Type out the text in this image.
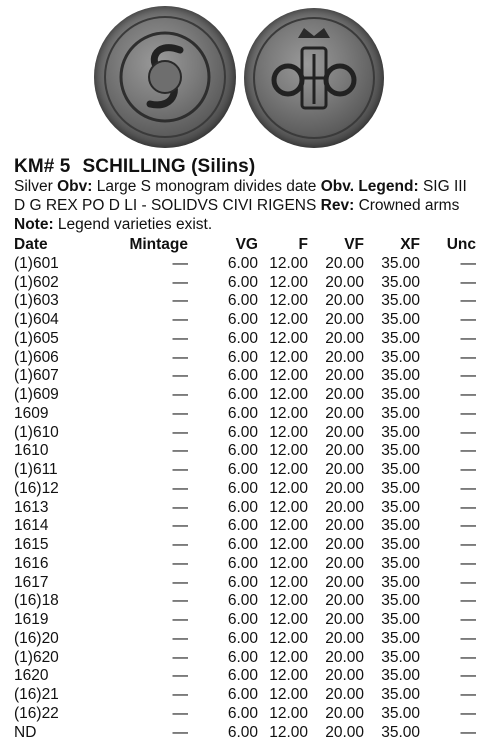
KM# 5 SCHILLING (Silins)
Silver Obv: Large S monogram divides date Obv. Legend: SIG III D G REX PO D LI - SOLIDVS CIVI RIGENS Rev: Crowned arms Note: Legend varieties exist.
Date	Mintage	VG	F	VF	XF	Unc
(1)601	—	6.00 12.00	20.00	35.00	—
(1)602	—	6.00 12.00	20.00	35.00	—
(1)603	—	6.00 12.00	20.00	35.00	—
(1)604	—	6.00 12.00	20.00	35.00	—
(1)605	—	6.00 12.00	20.00	35.00	—
(1)606	—	6.00 12.00	20.00	35.00	—
(1)607	—	6.00 12.00	20.00	35.00	—
(1)609	—	6.00 12.00	20.00	35.00	—
1609	—	6.00 12.00	20.00	35.00	—
(1)610	—	6.00 12.00	20.00	35.00	—
1610	—	6.00 12.00	20.00	35.00	—
(1)611	—	6.00 12.00	20.00	35.00	—
(16)12	—	6.00 12.00	20.00	35.00	—
1613	—	6.00 12.00	20.00	35.00	—
1614	—	6.00 12.00	20.00	35.00	—
1615	—	6.00 12.00	20.00	35.00	—
1616	—	6.00 12.00	20.00	35.00	—
1617	—	6.00 12.00	20.00	35.00	—
(16)18	—	6.00 12.00	20.00	35.00	—
1619	—	6.00 12.00	20.00	35.00	—
(16)20	—	6.00 12.00	20.00	35.00	—
(1)620	—	6.00 12.00	20.00	35.00	—
1620	—	6.00 12.00	20.00	35.00	—
(16)21	—	6.00 12.00	20.00	35.00	—
(16)22	—	6.00 12.00	20.00	35.00	—
ND	—	6.00 12.00	20.00	35.00	—
